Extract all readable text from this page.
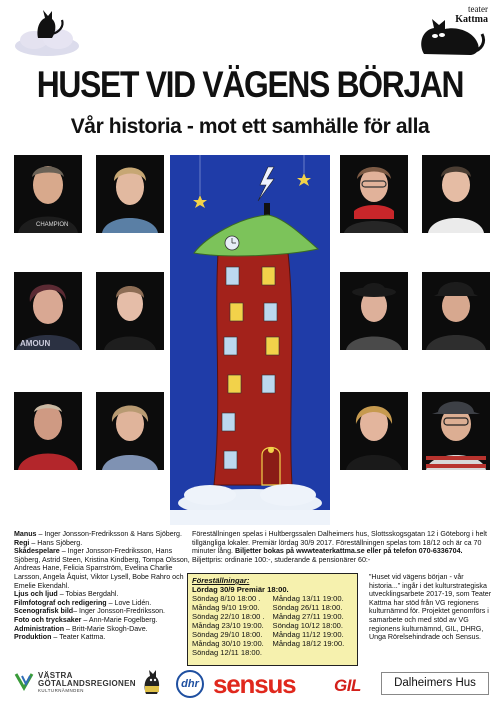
teater
Kattma
HUSET VID VÄGENS BÖRJAN
Vår historia - mot ett samhälle för alla
CHAMPION
AMOUN

Manus – Inger Jonsson-Fredriksson & Hans Sjöberg. Regi – Hans Sjöberg.
Skådespelare – Inger Jonsson-Fredriksson, Hans Sjöberg, Astrid Steen, Kristina Kindberg, Tompa Olsson, Andreas Hane, Felicia Sparrström, Evelina Charlie Larsson, Angela Åquist, Viktor Lysell, Bobe Rahro och Emelie Ekendahl.
Ljus och ljud – Tobias Bergdahl.
Filmfotograf och redigering – Love Lidén.
Scenografisk bild– Inger Jonsson-Fredriksson.
Foto och trycksaker – Ann-Marie Fogelberg.
Administration – Britt-Marie Skogh-Dave.
Produktion – Teater Kattma.

Föreställningen spelas i Hultbergssalen Dalheimers hus, Slottsskogsgatan 12 i Göteborg i helt tillgängliga lokaler. Premiär lördag 30/9 2017. Föreställningen spelas tom 18/12 och är ca 70 minuter lång. Biljetter bokas på wwwteaterkattma.se eller på telefon 070-6336704. Biljettpris: ordinarie 100:-, studerande & pensionärer 60:-
Föreställningar:
Lördag 30/9 Premiär 18:00.
Söndag 8/10 18:00 .
Måndag 9/10 19:00.
Söndag 22/10 18:00 .
Måndag 23/10 19:00.
Söndag 29/10 18:00.
Måndag 30/10 19:00.
Söndag 12/11 18:00.
Måndag 13/11 19:00.
Söndag 26/11 18:00.
Måndag 27/11 19:00.
Söndag 10/12 18:00.
Måndag 11/12 19:00.
Måndag 18/12 19:00.
”Huset vid vägens början - vår historia...” ingår i det kulturstrategiska utvecklingsarbete 2017-19, som Teater Kattma har stöd från VG regionens kulturnämnd för. Projektet genomförs i samarbete och med stöd av VG regionens kulturnämnd, GIL, DHRG, Unga Rörelsehindrade och Sensus.
VÄSTRA
GÖTALANDSREGIONEN
KULTURNÄMNDEN
dhr sensus GIL	Dalheimers Hus
